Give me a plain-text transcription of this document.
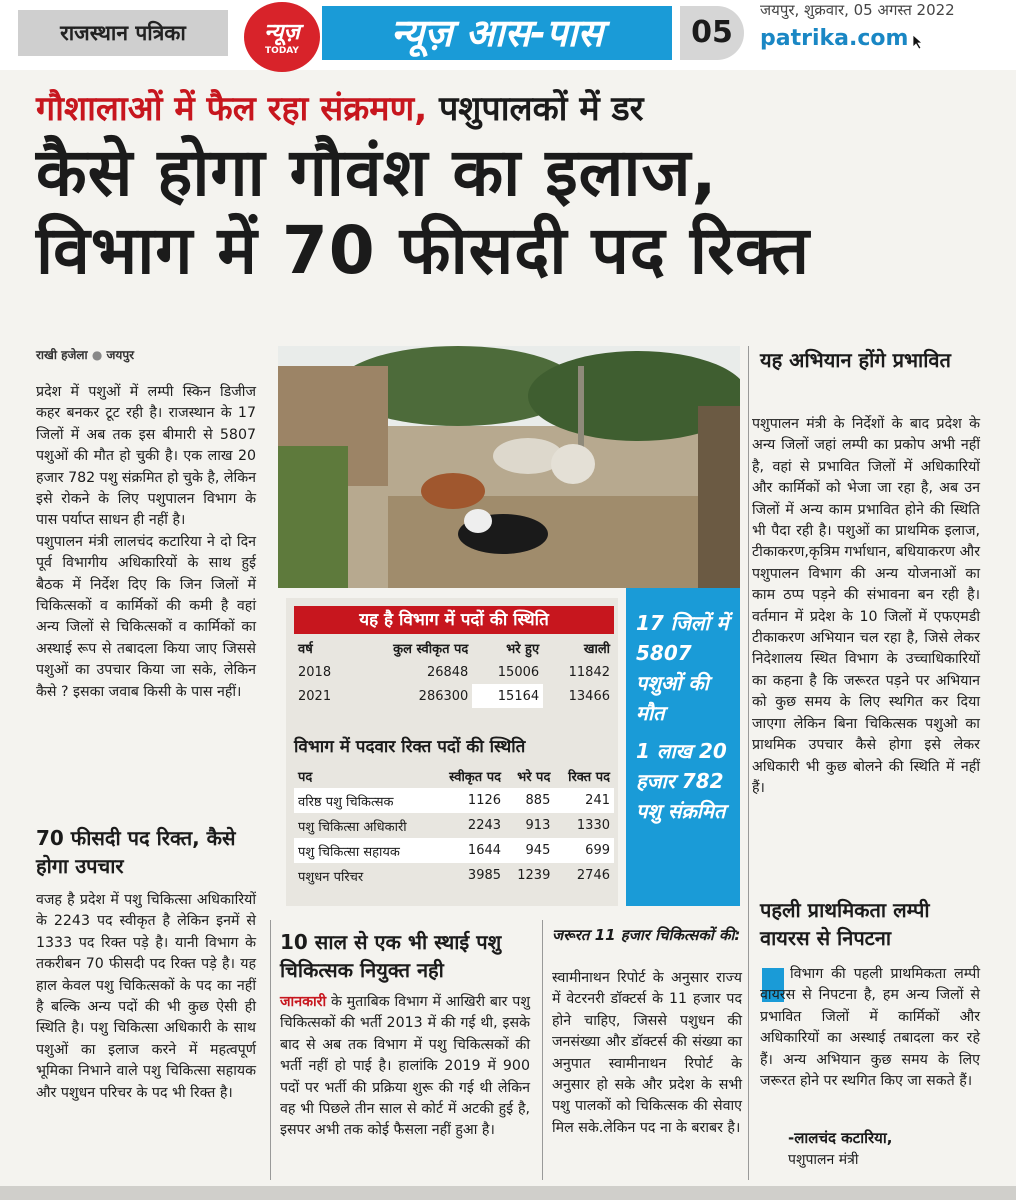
राजस्थान पत्रिका	न्यूज़
TODAY	न्यूज़ आस-पास	05
जयपुर, शुक्रवार, 05 अगस्त 2022
patrika.com
गौशालाओं में फैल रहा संक्रमण, पशुपालकों में डर
कैसे होगा गौवंश का इलाज,
विभाग में 70 फीसदी पद रिक्त
राखी हजेला ● जयपुर
प्रदेश में पशुओं में लम्पी स्किन डिजीज कहर बनकर टूट रही है। राजस्थान के 17 जिलों में अब तक इस बीमारी से 5807 पशुओं की मौत हो चुकी है। एक लाख 20 हजार 782 पशु संक्रमित हो चुके है, लेकिन इसे रोकने के लिए पशुपालन विभाग के पास पर्याप्त साधन ही नहीं है।
पशुपालन मंत्री लालचंद कटारिया ने दो दिन पूर्व विभागीय अधिकारियों के साथ हुई बैठक में निर्देश दिए कि जिन जिलों में चिकित्सकों व कार्मिकों की कमी है वहां अन्य जिलों से चिकित्सकों व कार्मिकों का अस्थाई रूप से तबादला किया जाए जिससे पशुओं का उपचार किया जा सके, लेकिन कैसे ? इसका जवाब किसी के पास नहीं।
70 फीसदी पद रिक्त, कैसे होगा उपचार
वजह है प्रदेश में पशु चिकित्सा अधिकारियों के 2243 पद स्वीकृत है लेकिन इनमें से 1333 पद रिक्त पड़े है। यानी विभाग के तकरीबन 70 फीसदी पद रिक्त पड़े है। यह हाल केवल पशु चिकित्सकों के पद का नहीं है बल्कि अन्य पदों की भी कुछ ऐसी ही स्थिति है। पशु चिकित्सा अधिकारी के साथ पशुओं का इलाज करने में महत्वपूर्ण भूमिका निभाने वाले पशु चिकित्सा सहायक और पशुधन परिचर के पद भी रिक्त है।
यह है विभाग में पदों की स्थिति
वर्ष	कुल स्वीकृत पद	भरे हुए	खाली
2018	26848	15006	11842
2021	286300	15164	13466
विभाग में पदवार रिक्त पदों की स्थिति
पद	स्वीकृत पद	भरे पद	रिक्त पद
वरिष्ठ पशु चिकित्सक	1126	885	241
पशु चिकित्सा अधिकारी	2243	913	1330
पशु चिकित्सा सहायक	1644	945	699
पशुधन परिचर	3985	1239	2746
17 जिलों में 5807 पशुओं की मौत
1 लाख 20 हजार 782 पशु संक्रमित
10 साल से एक भी स्थाई पशु चिकित्सक नियुक्त नही
जानकारी के मुताबिक विभाग में आखिरी बार पशु चिकित्सकों की भर्ती 2013 में की गई थी, इसके बाद से अब तक विभाग में पशु चिकित्सकों की भर्ती नहीं हो पाई है। हालांकि 2019 में 900 पदों पर भर्ती की प्रक्रिया शुरू की गई थी लेकिन वह भी पिछले तीन साल से कोर्ट में अटकी हुई है, इसपर अभी तक कोई फैसला नहीं हुआ है।
जरूरत 11 हजार चिकित्सकों की:
स्वामीनाथन रिपोर्ट के अनुसार राज्य में वेटरनरी डॉक्टर्स के 11 हजार पद होने चाहिए, जिससे पशुधन की जनसंख्या और डॉक्टर्स की संख्या का अनुपात स्वामीनाथन रिपोर्ट के अनुसार हो सके और प्रदेश के सभी पशु पालकों को चिकित्सक की सेवाए मिल सके.लेकिन पद ना के बराबर है।
यह अभियान होंगे प्रभावित
पशुपालन मंत्री के निर्देशों के बाद प्रदेश के अन्य जिलों जहां लम्पी का प्रकोप अभी नहीं है, वहां से प्रभावित जिलों में अधिकारियों और कार्मिकों को भेजा जा रहा है, अब उन जिलों में अन्य काम प्रभावित होने की स्थिति भी पैदा रही है। पशुओं का प्राथमिक इलाज, टीकाकरण,कृत्रिम गर्भाधान, बधियाकरण और पशुपालन विभाग की अन्य योजनाओं का काम ठप्प पड़ने की संभावना बन रही है। वर्तमान में प्रदेश के 10 जिलों में एफएमडी टीकाकरण अभियान चल रहा है, जिसे लेकर निदेशालय स्थित विभाग के उच्चाधिकारियों का कहना है कि जरूरत पड़ने पर अभियान को कुछ समय के लिए स्थगित कर दिया जाएगा लेकिन बिना चिकित्सक पशुओ का प्राथमिक उपचार कैसे होगा इसे लेकर अधिकारी भी कुछ बोलने की स्थिति में नहीं हैं।
पहली प्राथमिकता लम्पी वायरस से निपटना
विभाग की पहली प्राथमिकता लम्पी वायरस से निपटना है, हम अन्य जिलों से प्रभावित जिलों में कार्मिकों और अधिकारियों का अस्थाई तबादला कर रहे हैं। अन्य अभियान कुछ समय के लिए जरूरत होने पर स्थगित किए जा सकते हैं।
-लालचंद कटारिया,
पशुपालन मंत्री
